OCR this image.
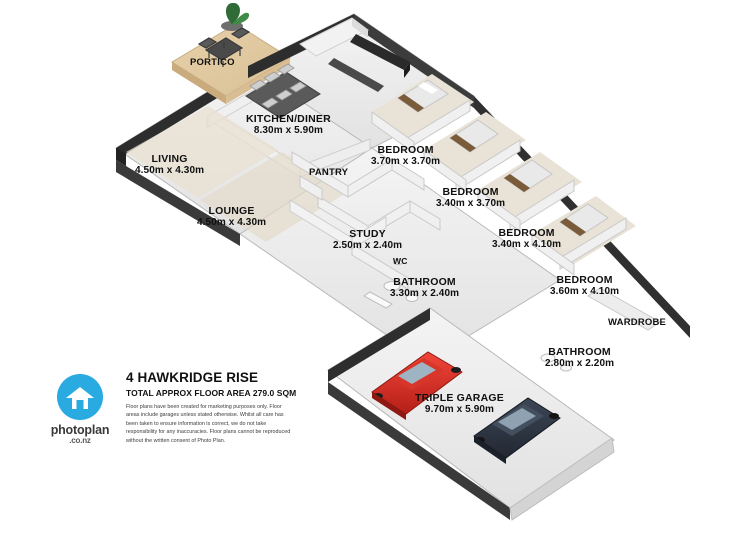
PORTICO
KITCHEN/DINER
8.30m x 5.90m
LIVING
4.50m x 4.30m	PANTRY
LOUNGE
4.50m x 4.30m
BEDROOM
3.70m x 3.70m
BEDROOM
3.40m x 3.70m
BEDROOM
3.40m x 4.10m
BEDROOM
3.60m x 4.10m
STUDY
2.50m x 2.40m
WC
BATHROOM
3.30m x 2.40m
WARDROBE
BATHROOM
2.80m x 2.20m
TRIPLE GARAGE
9.70m x 5.90m
photoplan
.co.nz
4 HAWKRIDGE RISE
TOTAL APPROX FLOOR AREA 279.0 SQM
Floor plans have been created for marketing purposes only. Floor areas include garages unless stated otherwise. Whilst all care has been taken to ensure information is correct, we do not take responsibility for any inaccuracies. Floor plans cannot be reproduced without the written consent of Photo Plan.
